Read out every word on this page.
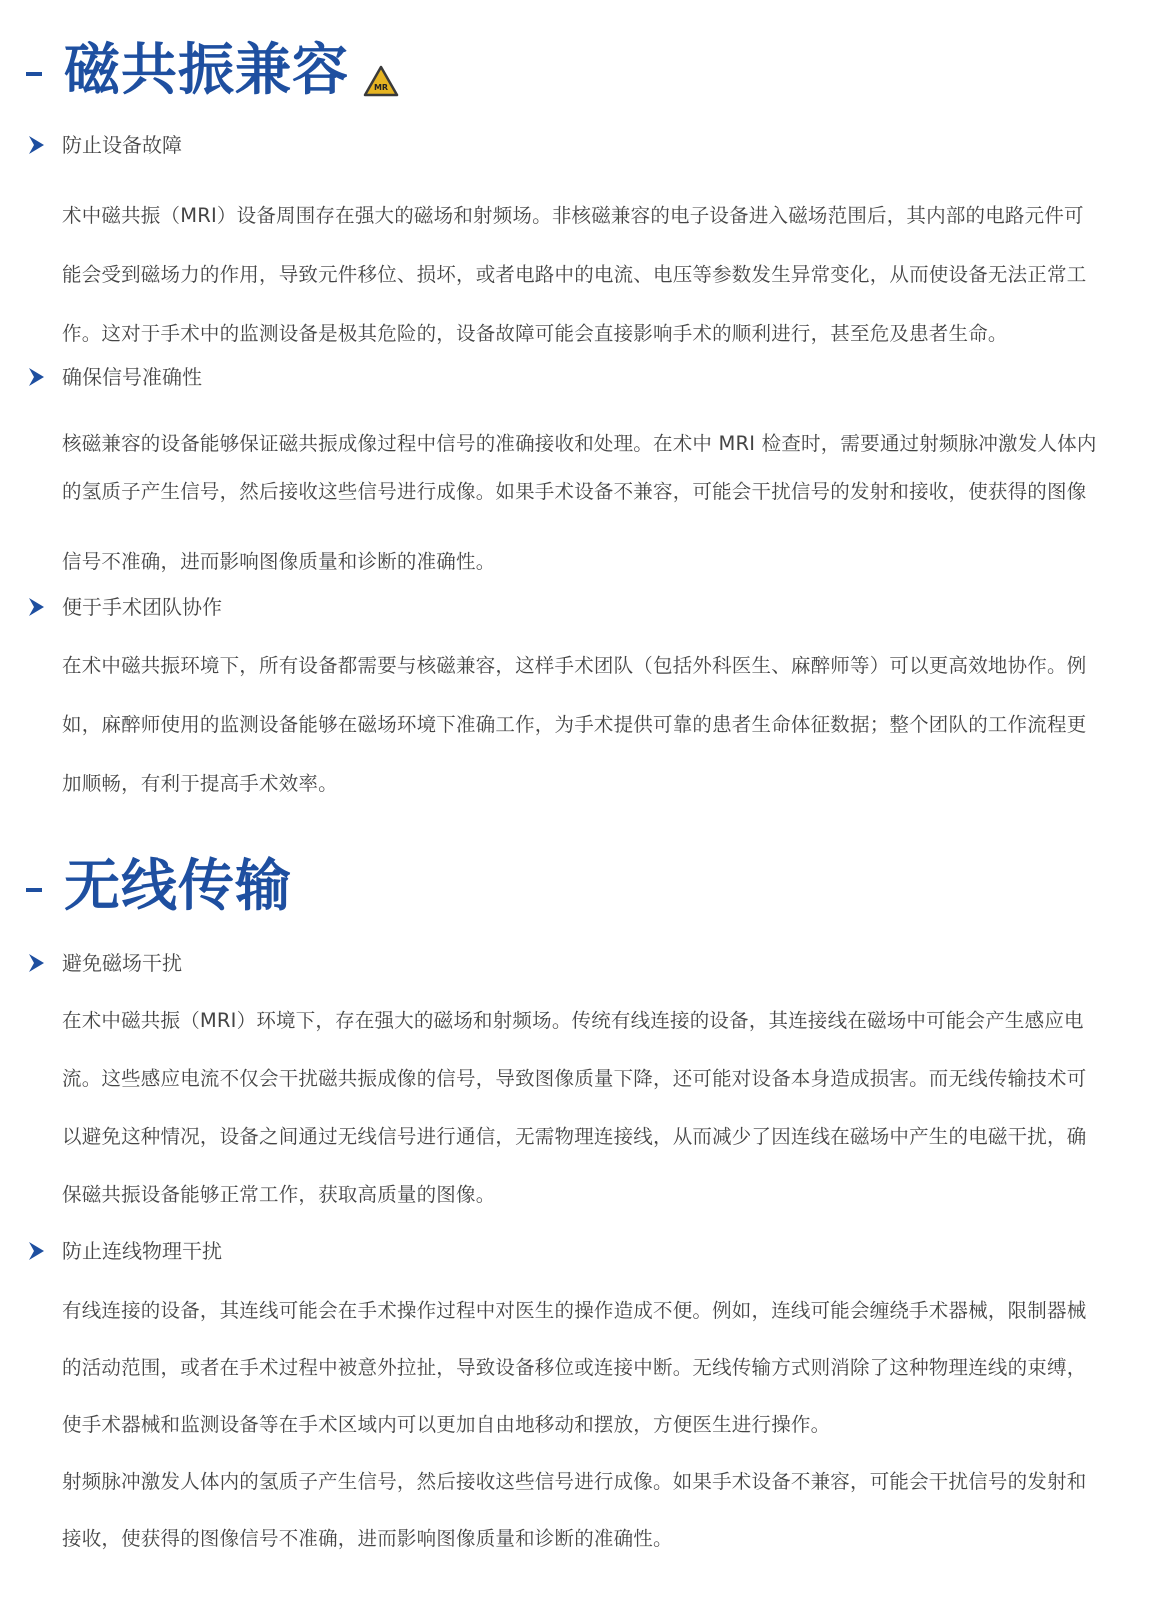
磁共振兼容	MR
防止设备故障
术中磁共振（MRI）设备周围存在强大的磁场和射频场。非核磁兼容的电子设备进入磁场范围后，其内部的电路元件可
能会受到磁场力的作用，导致元件移位、损坏，或者电路中的电流、电压等参数发生异常变化，从而使设备无法正常工
作。这对于手术中的监测设备是极其危险的，设备故障可能会直接影响手术的顺利进行，甚至危及患者生命。
确保信号准确性
核磁兼容的设备能够保证磁共振成像过程中信号的准确接收和处理。在术中 MRI 检查时，需要通过射频脉冲激发人体内
的氢质子产生信号，然后接收这些信号进行成像。如果手术设备不兼容，可能会干扰信号的发射和接收，使获得的图像
信号不准确，进而影响图像质量和诊断的准确性。
便于手术团队协作
在术中磁共振环境下，所有设备都需要与核磁兼容，这样手术团队（包括外科医生、麻醉师等）可以更高效地协作。例
如，麻醉师使用的监测设备能够在磁场环境下准确工作，为手术提供可靠的患者生命体征数据；整个团队的工作流程更
加顺畅，有利于提高手术效率。
无线传输
避免磁场干扰
在术中磁共振（MRI）环境下，存在强大的磁场和射频场。传统有线连接的设备，其连接线在磁场中可能会产生感应电
流。这些感应电流不仅会干扰磁共振成像的信号，导致图像质量下降，还可能对设备本身造成损害。而无线传输技术可
以避免这种情况，设备之间通过无线信号进行通信，无需物理连接线，从而减少了因连线在磁场中产生的电磁干扰，确
保磁共振设备能够正常工作，获取高质量的图像。
防止连线物理干扰
有线连接的设备，其连线可能会在手术操作过程中对医生的操作造成不便。例如，连线可能会缠绕手术器械，限制器械
的活动范围，或者在手术过程中被意外拉扯，导致设备移位或连接中断。无线传输方式则消除了这种物理连线的束缚，
使手术器械和监测设备等在手术区域内可以更加自由地移动和摆放，方便医生进行操作。
射频脉冲激发人体内的氢质子产生信号，然后接收这些信号进行成像。如果手术设备不兼容，可能会干扰信号的发射和
接收，使获得的图像信号不准确，进而影响图像质量和诊断的准确性。
